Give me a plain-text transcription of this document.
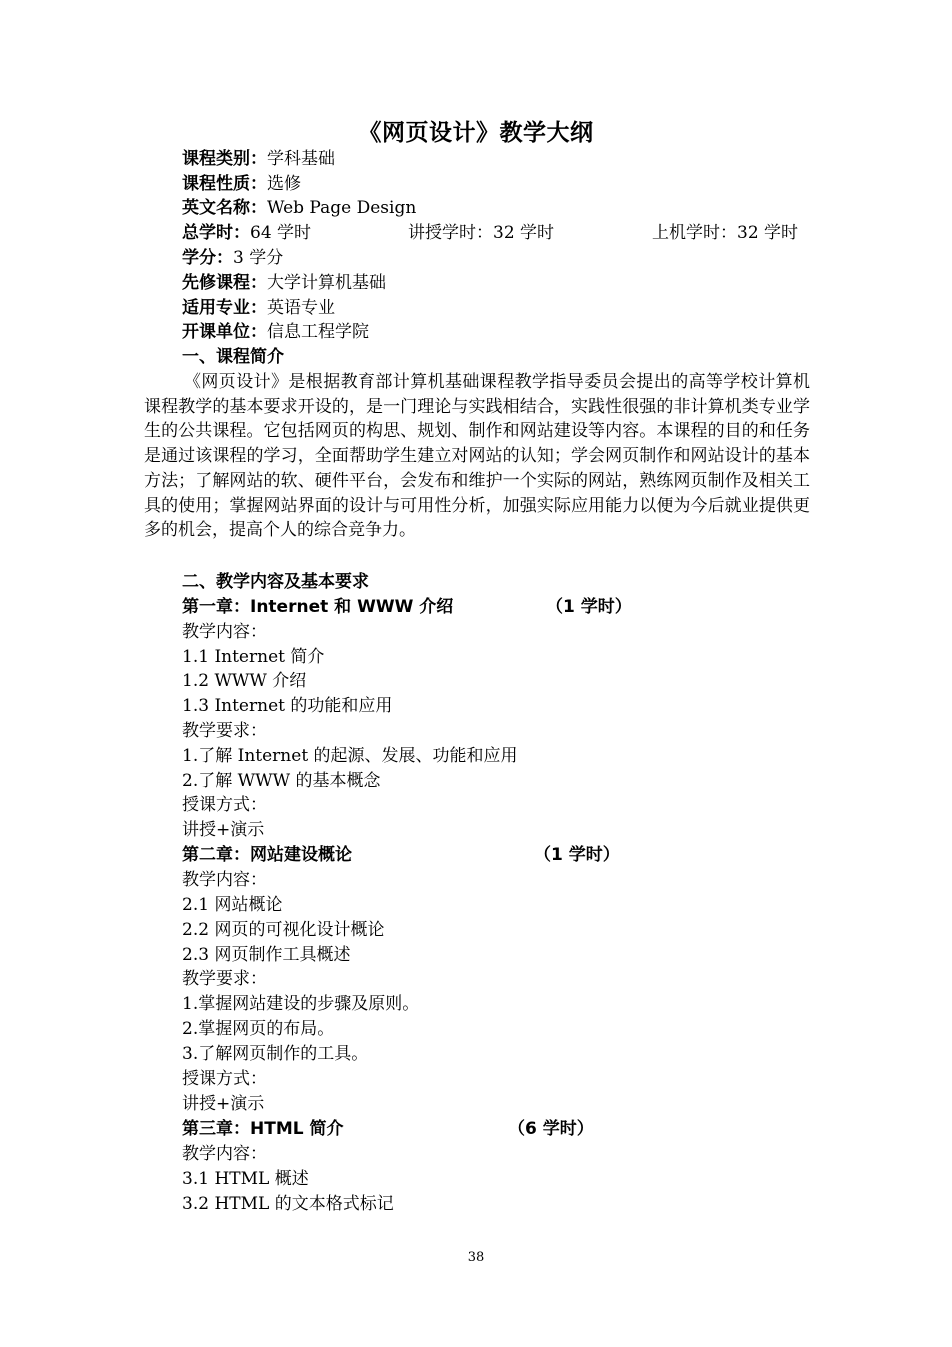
《网页设计》教学大纲
课程类别：学科基础
课程性质：选修
英文名称：Web Page Design
总学时：64 学时	讲授学时：32 学时	上机学时：32 学时
学分：3 学分
先修课程：大学计算机基础
适用专业：英语专业
开课单位：信息工程学院
一、课程简介
《网页设计》是根据教育部计算机基础课程教学指导委员会提出的高等学校计算机课程教学的基本要求开设的，是一门理论与实践相结合，实践性很强的非计算机类专业学生的公共课程。它包括网页的构思、规划、制作和网站建设等内容。本课程的目的和任务是通过该课程的学习，全面帮助学生建立对网站的认知；学会网页制作和网站设计的基本方法；了解网站的软、硬件平台，会发布和维护一个实际的网站，熟练网页制作及相关工具的使用；掌握网站界面的设计与可用性分析，加强实际应用能力以便为今后就业提供更多的机会，提高个人的综合竞争力。
二、教学内容及基本要求
第一章：Internet 和 WWW 介绍	（1 学时）
教学内容：
1.1 Internet 简介
1.2 WWW 介绍
1.3 Internet 的功能和应用
教学要求：
1.了解 Internet 的起源、发展、功能和应用
2.了解 WWW 的基本概念
授课方式：
讲授+演示
第二章：网站建设概论	（1 学时）
教学内容：
2.1 网站概论
2.2 网页的可视化设计概论
2.3 网页制作工具概述
教学要求：
1.掌握网站建设的步骤及原则。
2.掌握网页的布局。
3.了解网页制作的工具。
授课方式：
讲授+演示
第三章：HTML 简介	（6 学时）
教学内容：
3.1 HTML 概述
3.2 HTML 的文本格式标记
38
